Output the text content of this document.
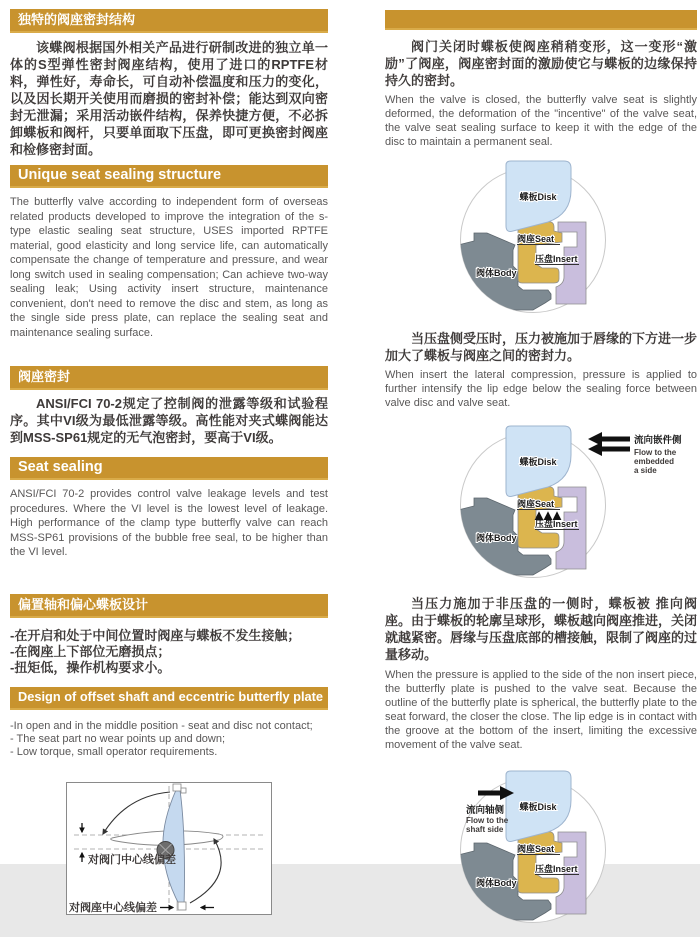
独特的阀座密封结构

该蝶阀根据国外相关产品进行研制改进的独立单一体的S型弹性密封阀座结构，使用了进口的RPTFE材料，弹性好，寿命长，可自动补偿温度和压力的变化，以及因长期开关使用而磨损的密封补偿；能达到双向密封无泄漏；采用活动嵌件结构，保养快捷方便，不必拆卸蝶板和阀杆，只要单面取下压盘，即可更换密封阀座和检修密封面。

Unique seat sealing structure

The butterfly valve according to independent form of overseas related products developed to improve the integration of the s-type elastic sealing seat structure, USES imported RPTFE material, good elasticity and long service life, can automatically compensate the change of temperature and pressure, and wear long switch used in sealing compensation; Can achieve two-way sealing leak; Using activity insert structure, maintenance convenient, don't need to remove the disc and stem, as long as the single side press plate, can replace the sealing seat and maintenance sealing surface.

阀座密封

ANSI/FCI 70-2规定了控制阀的泄露等级和试验程序。其中VI级为最低泄露等级。高性能对夹式蝶阀能达到MSS-SP61规定的无气泡密封，要高于VI级。

Seat sealing

ANSI/FCI 70-2 provides control valve leakage levels and test procedures. Where the VI level is the lowest level of leakage. High performance of the clamp type butterfly valve can reach MSS-SP61 provisions of the bubble free seal, to be higher than the VI level.

偏置轴和偏心蝶板设计
-在开启和处于中间位置时阀座与蝶板不发生接触；
-在阀座上下部位无磨损点；
-扭矩低，操作机构要求小。
Design of offset shaft and eccentric butterfly plate
-In open and in the middle position - seat and disc not contact;
- The seat part no wear points up and down;
- Low torque, small operator requirements.
对阀门中心线偏差
对阀座中心线偏差

阀门关闭时蝶板使阀座稍稍变形，这一变形“激励”了阀座，阀座密封面的激励使它与蝶板的边缘保持持久的密封。

When the valve is closed, the butterfly valve seat is slightly deformed, the deformation of the "incentive" of the valve seat, the valve seat sealing surface to keep it with the edge of the disc to maintain a permanent seal.

当压盘侧受压时，压力被施加于唇缘的下方进一步加大了蝶板与阀座之间的密封力。

When insert the lateral compression, pressure is applied to further intensify the lip edge below the sealing force between valve disc and valve seat.

流向嵌件侧
Flow to the
embedded
a side

当压力施加于非压盘的一侧时，蝶板被 推向阀座。由于蝶板的轮廓呈球形，蝶板越向阀座推进，关闭就越紧密。唇缘与压盘底部的槽接触，限制了阀座的过量移动。

When the pressure is applied to the side of the non insert piece, the butterfly plate is pushed to the valve seat. Because the outline of the butterfly plate is spherical, the butterfly plate to the seat forward, the closer the close. The lip edge is in contact with the groove at the bottom of the insert, limiting the excessive movement of the valve seat.

流向轴侧
Flow to the
shaft side
